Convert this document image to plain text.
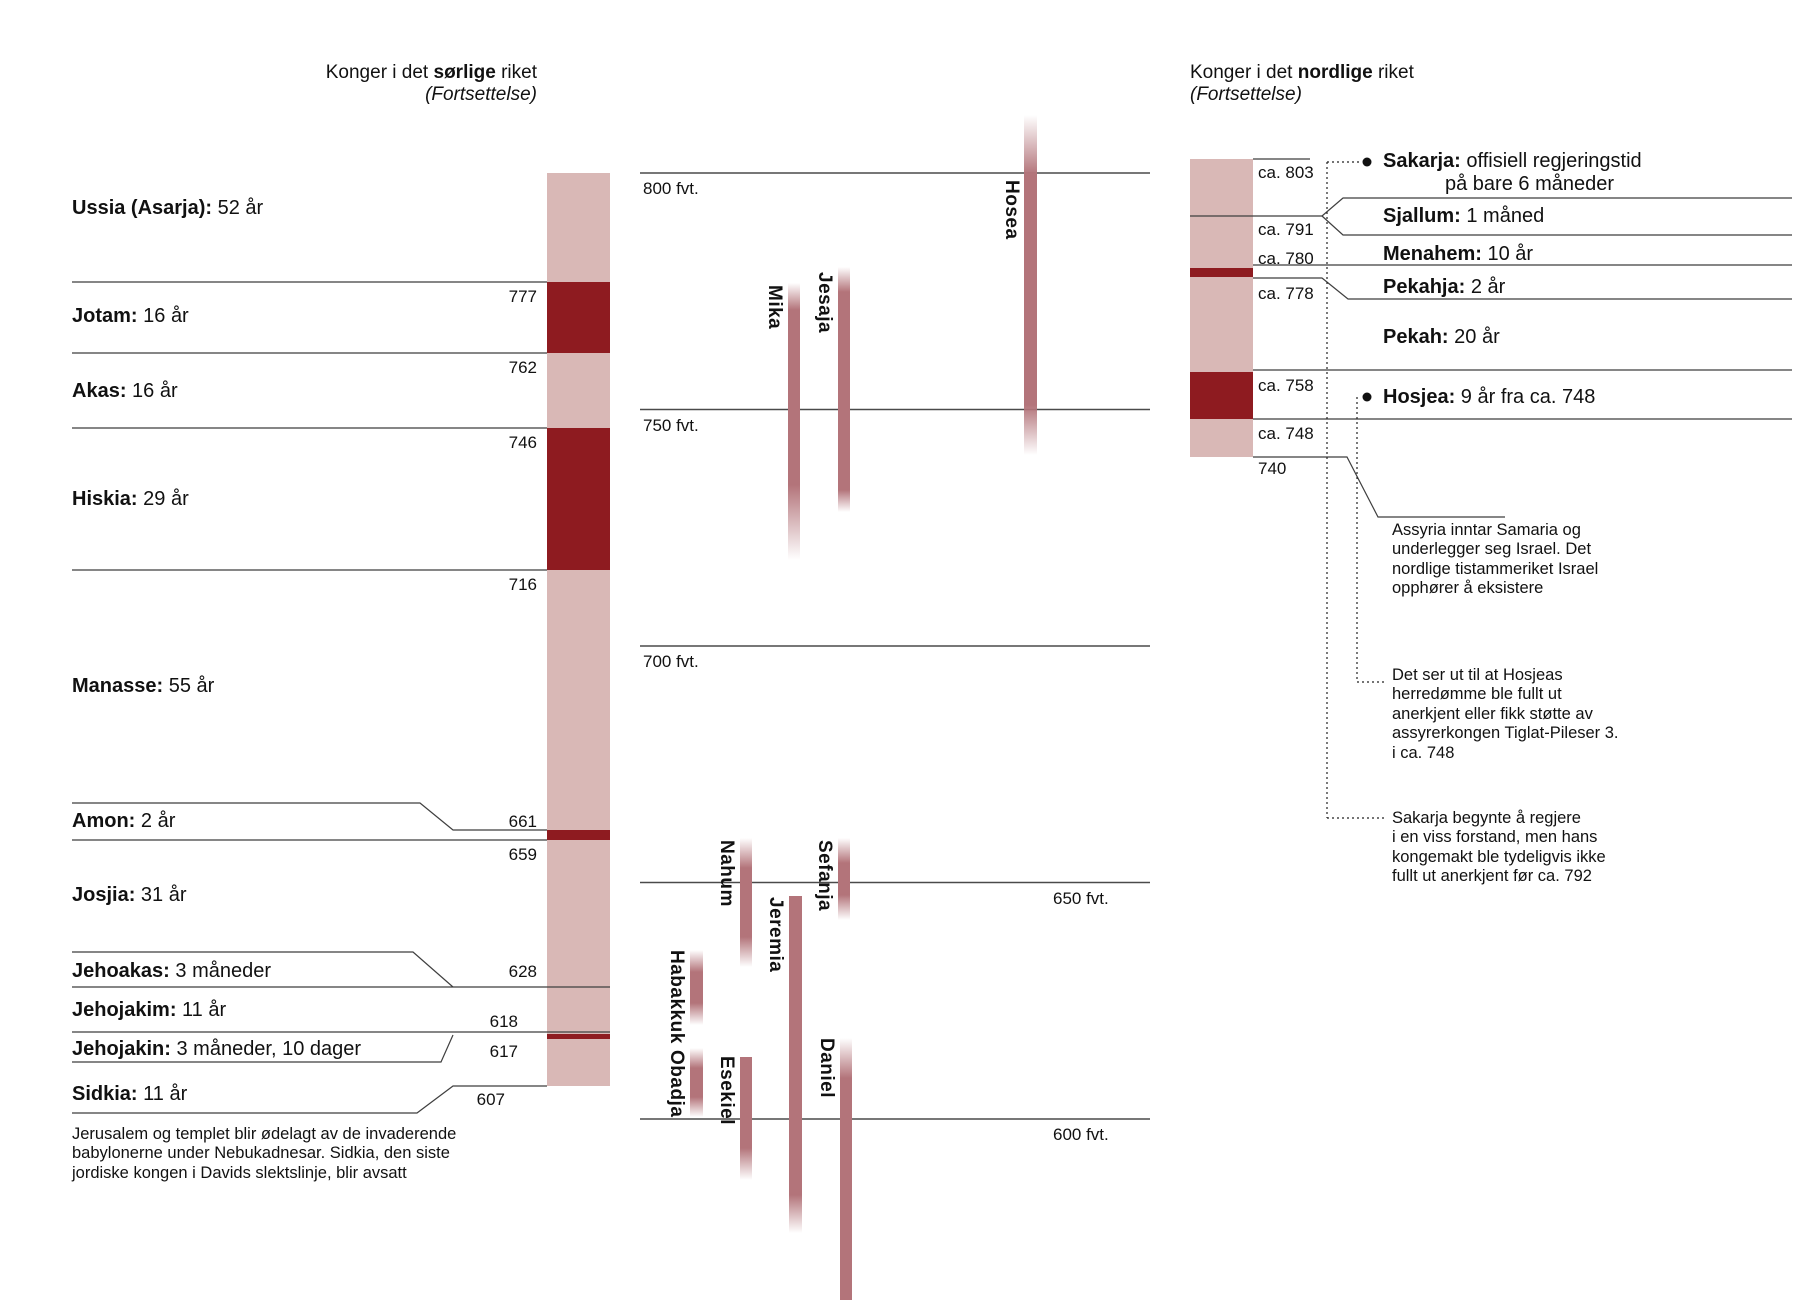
Konger i det sørlige riket
(Fortsettelse)
Konger i det nordlige riket
(Fortsettelse)
800 fvt.
750 fvt.
700 fvt.
650 fvt.
600 fvt.
Hosea
Mika Jesaja
Nahum
Jeremia
Sefanja
Habakkuk
Obadja Esekiel	Daniel
Ussia (Asarja): 52 år
Jotam: 16 år
Akas: 16 år
Hiskia: 29 år
Manasse: 55 år
Amon: 2 år
Josjia: 31 år
Jehoakas: 3 måneder
Jehojakim: 11 år
Jehojakin: 3 måneder, 10 dager
Sidkia: 11 år
777
762
746
716
661
659
628
618
617
607
ca. 803
ca. 791
ca. 780
ca. 778
ca. 758
ca. 748
740
Sakarja: offisiell regjeringstid
på bare 6 måneder
Sjallum: 1 måned
Menahem: 10 år
Pekahja: 2 år
Pekah: 20 år
Hosjea: 9 år fra ca. 748
Assyria inntar Samaria og
underlegger seg Israel. Det
nordlige tistammeriket Israel
opphører å eksistere
Det ser ut til at Hosjeas
herredømme ble fullt ut
anerkjent eller fikk støtte av
assyrerkongen Tiglat-Pileser 3.
i ca. 748
Sakarja begynte å regjere
i en viss forstand, men hans
kongemakt ble tydeligvis ikke
fullt ut anerkjent før ca. 792
Jerusalem og templet blir ødelagt av de invaderende
babylonerne under Nebukadnesar. Sidkia, den siste
jordiske kongen i Davids slektslinje, blir avsatt
